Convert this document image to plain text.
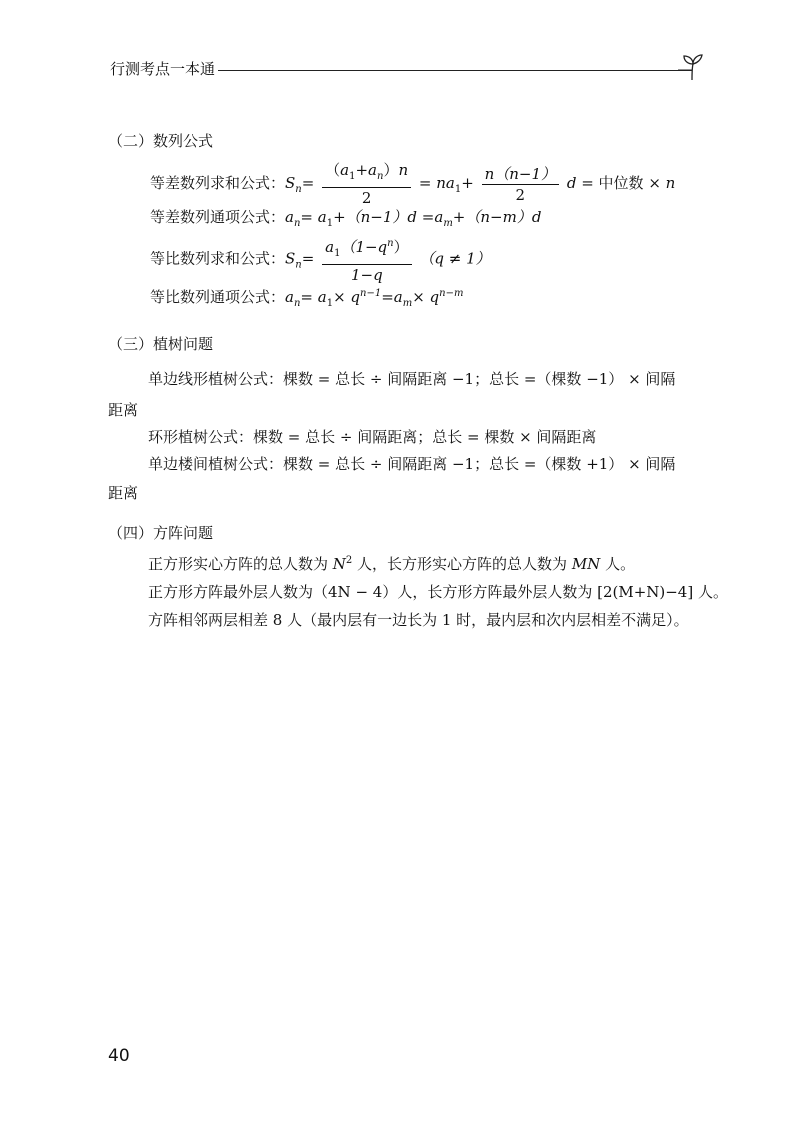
行测考点一本通
（二）数列公式
等差数列求和公式：$S_n= \frac{(a_1+a_n)n}{2} = na_1+ \frac{n(n-1)}{2}$ d = 中位数 × n
等差数列通项公式：$a_n= a_1+(n-1)d =a_m+(n-m)d$
等比数列求和公式：$S_n= \frac{a_1(1-q^n)}{1-q} (q \ne 1)$
等比数列通项公式：$a_n= a_1\times q^{n-1}=a_m\times q^{n-m}$
（三）植树问题
单边线形植树公式：棵数 = 总长 ÷ 间隔距离 −1；总长 =（棵数 −1） × 间隔
距离
环形植树公式：棵数 = 总长 ÷ 间隔距离；总长 = 棵数 × 间隔距离
单边楼间植树公式：棵数 = 总长 ÷ 间隔距离 −1；总长 =（棵数 +1） × 间隔
距离
（四）方阵问题
正方形实心方阵的总人数为 $N^2$ 人，长方形实心方阵的总人数为 MN 人。
正方形方阵最外层人数为（4N − 4）人，长方形方阵最外层人数为 [2(M+N)−4] 人。
方阵相邻两层相差 8 人（最内层有一边长为 1 时，最内层和次内层相差不满足）。
40
